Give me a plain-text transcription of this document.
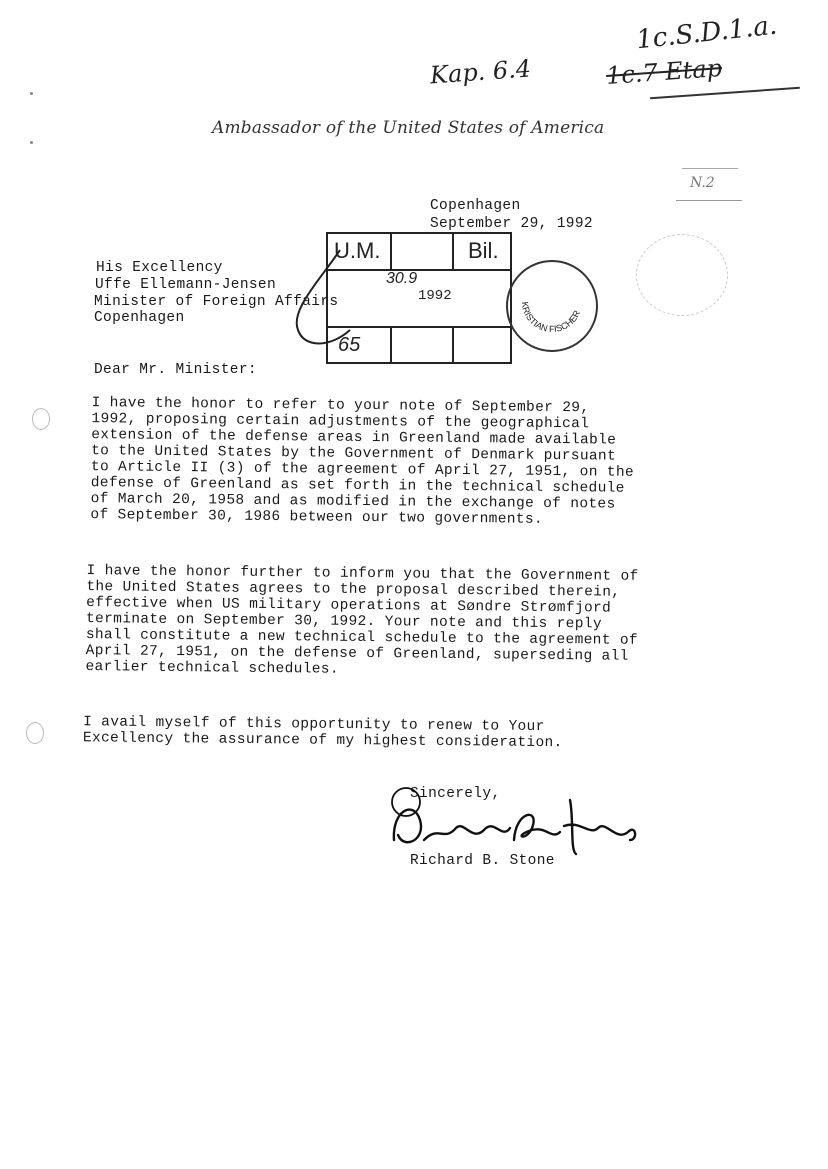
1c.S.D.1.a.
Kap. 6.4	1c.7 Etap
N.2
Ambassador of the United States of America
Copenhagen
September 29, 1992
His Excellency
Uffe Ellemann-Jensen
Minister of Foreign Affairs
Copenhagen
U.M.	Bil.
30.9
1992
65
KRISTIAN FISCHER
Dear Mr. Minister:

I have the honor to refer to your note of September 29, 1992, proposing certain adjustments of the geographical extension of the defense areas in Greenland made available to the United States by the Government of Denmark pursuant to Article II (3) of the agreement of April 27, 1951, on the defense of Greenland as set forth in the technical schedule of March 20, 1958 and as modified in the exchange of notes of September 30, 1986 between our two governments.

I have the honor further to inform you that the Government of the United States agrees to the proposal described therein, effective when US military operations at Søndre Strømfjord terminate on September 30, 1992. Your note and this reply shall constitute a new technical schedule to the agreement of April 27, 1951, on the defense of Greenland, superseding all earlier technical schedules.

I avail myself of this opportunity to renew to Your Excellency the assurance of my highest consideration.

Sincerely,
Richard B. Stone
